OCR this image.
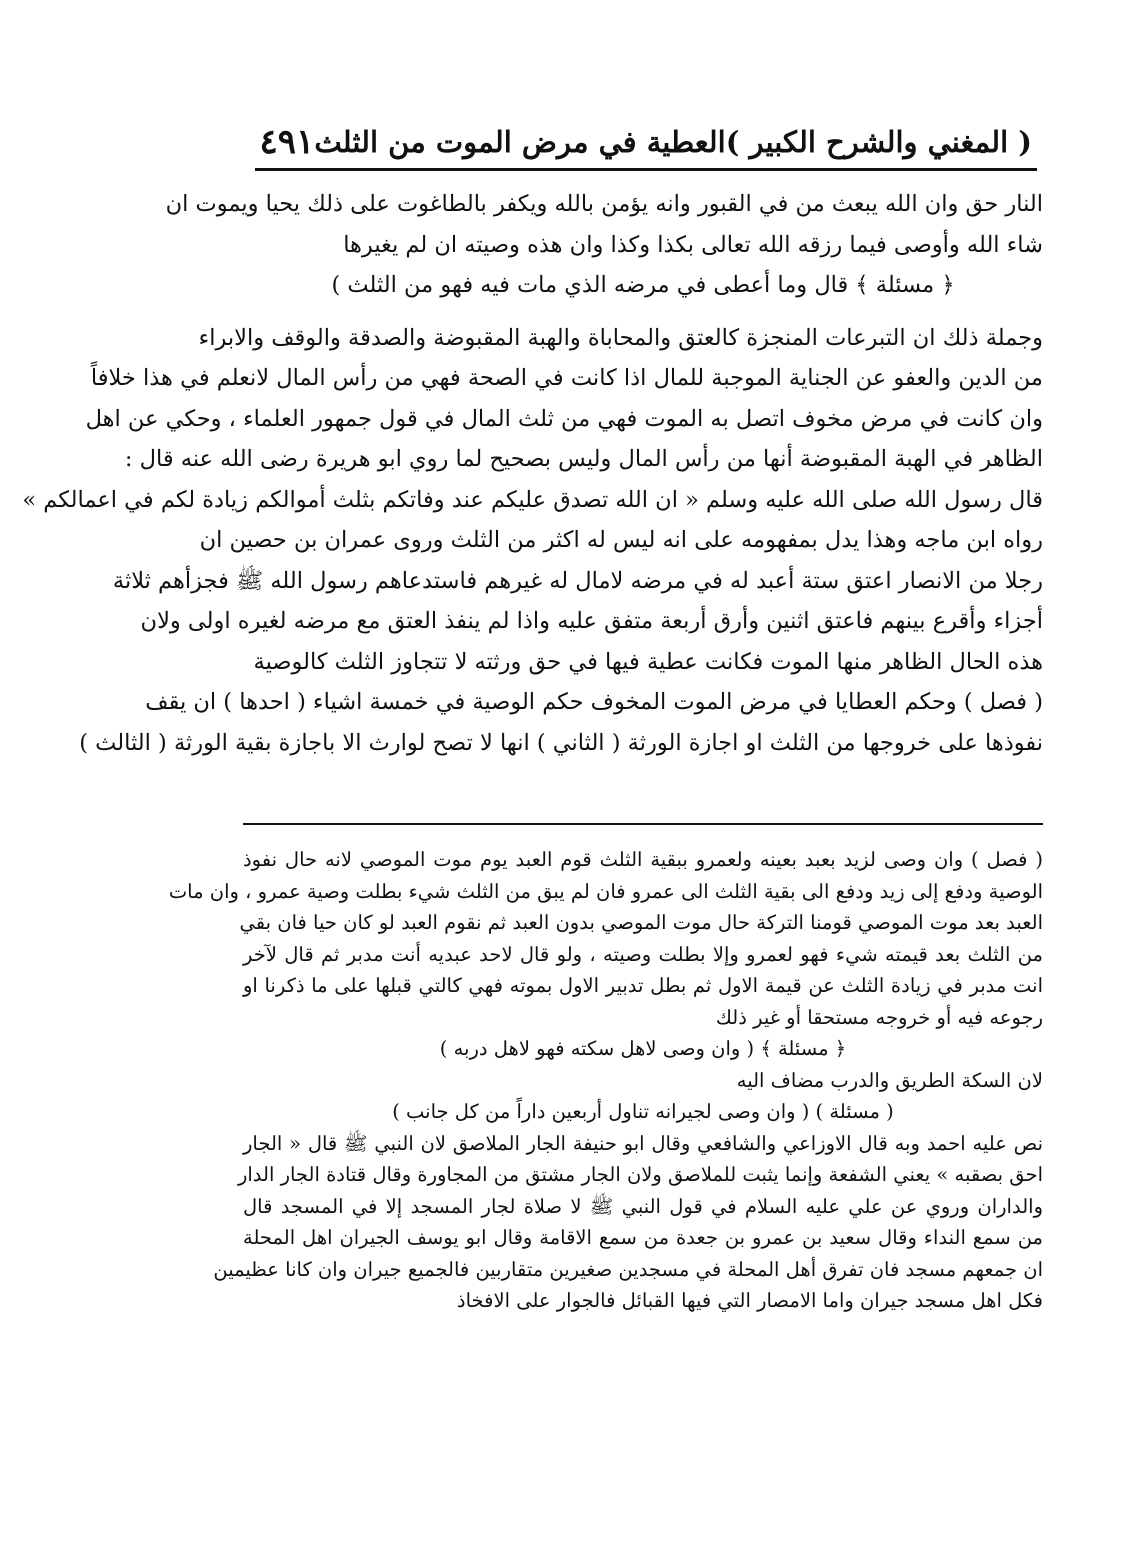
( المغني والشرح الكبير )
العطية في مرض الموت من الثلث
٤٩١
النار حق وان الله يبعث من في القبور وانه يؤمن بالله ويكفر بالطاغوت على ذلك يحيا ويموت ان
شاء الله وأوصى فيما رزقه الله تعالى بكذا وكذا وان هذه وصيته ان لم يغيرها
﴿ مسئلة ﴾ قال وما أعطى في مرضه الذي مات فيه فهو من الثلث )
وجملة ذلك ان التبرعات المنجزة كالعتق والمحاباة والهبة المقبوضة والصدقة والوقف والابراء
من الدين والعفو عن الجناية الموجبة للمال اذا كانت في الصحة فهي من رأس المال لانعلم في هذا خلافاً
وان كانت في مرض مخوف اتصل به الموت فهي من ثلث المال في قول جمهور العلماء ، وحكي عن اهل
الظاهر في الهبة المقبوضة أنها من رأس المال وليس بصحيح لما روي ابو هريرة رضى الله عنه قال :
قال رسول الله صلى الله عليه وسلم « ان الله تصدق عليكم عند وفاتكم بثلث أموالكم زيادة لكم في اعمالكم »
رواه ابن ماجه وهذا يدل بمفهومه على انه ليس له اكثر من الثلث وروى عمران بن حصين ان
رجلا من الانصار اعتق ستة أعبد له في مرضه لامال له غيرهم فاستدعاهم رسول الله ﷺ فجزأهم ثلاثة
أجزاء وأقرع بينهم فاعتق اثنين وأرق أربعة متفق عليه واذا لم ينفذ العتق مع مرضه لغيره اولى ولان
هذه الحال الظاهر منها الموت فكانت عطية فيها في حق ورثته لا تتجاوز الثلث كالوصية
( فصل ) وحكم العطايا في مرض الموت المخوف حكم الوصية في خمسة اشياء ( احدها ) ان يقف
نفوذها على خروجها من الثلث او اجازة الورثة ( الثاني ) انها لا تصح لوارث الا باجازة بقية الورثة ( الثالث )
( فصل ) وان وصى لزيد بعبد بعينه ولعمرو ببقية الثلث قوم العبد يوم موت الموصي لانه حال نفوذ
الوصية ودفع إلى زيد ودفع الى بقية الثلث الى عمرو فان لم يبق من الثلث شيء بطلت وصية عمرو ، وان مات
العبد بعد موت الموصي قومنا التركة حال موت الموصي بدون العبد ثم نقوم العبد لو كان حيا فان بقي
من الثلث بعد قيمته شيء فهو لعمرو وإلا بطلت وصيته ، ولو قال لاحد عبديه أنت مدبر ثم قال لآخر
انت مدبر في زيادة الثلث عن قيمة الاول ثم بطل تدبير الاول بموته فهي كالتي قبلها على ما ذكرنا او
رجوعه فيه أو خروجه مستحقا أو غير ذلك
﴿ مسئلة ﴾ ( وان وصى لاهل سكته فهو لاهل دربه )
لان السكة الطريق والدرب مضاف اليه
( مسئلة ) ( وان وصى لجيرانه تناول أربعين داراً من كل جانب )
نص عليه احمد وبه قال الاوزاعي والشافعي وقال ابو حنيفة الجار الملاصق لان النبي ﷺ قال « الجار
احق بصقبه » يعني الشفعة وإنما يثبت للملاصق ولان الجار مشتق من المجاورة وقال قتادة الجار الدار
والداران وروي عن علي عليه السلام في قول النبي ﷺ لا صلاة لجار المسجد إلا في المسجد قال
من سمع النداء وقال سعيد بن عمرو بن جعدة من سمع الاقامة وقال ابو يوسف الجيران اهل المحلة
ان جمعهم مسجد فان تفرق أهل المحلة في مسجدين صغيرين متقاربين فالجميع جيران وان كانا عظيمين
فكل اهل مسجد جيران واما الامصار التي فيها القبائل فالجوار على الافخاذ
